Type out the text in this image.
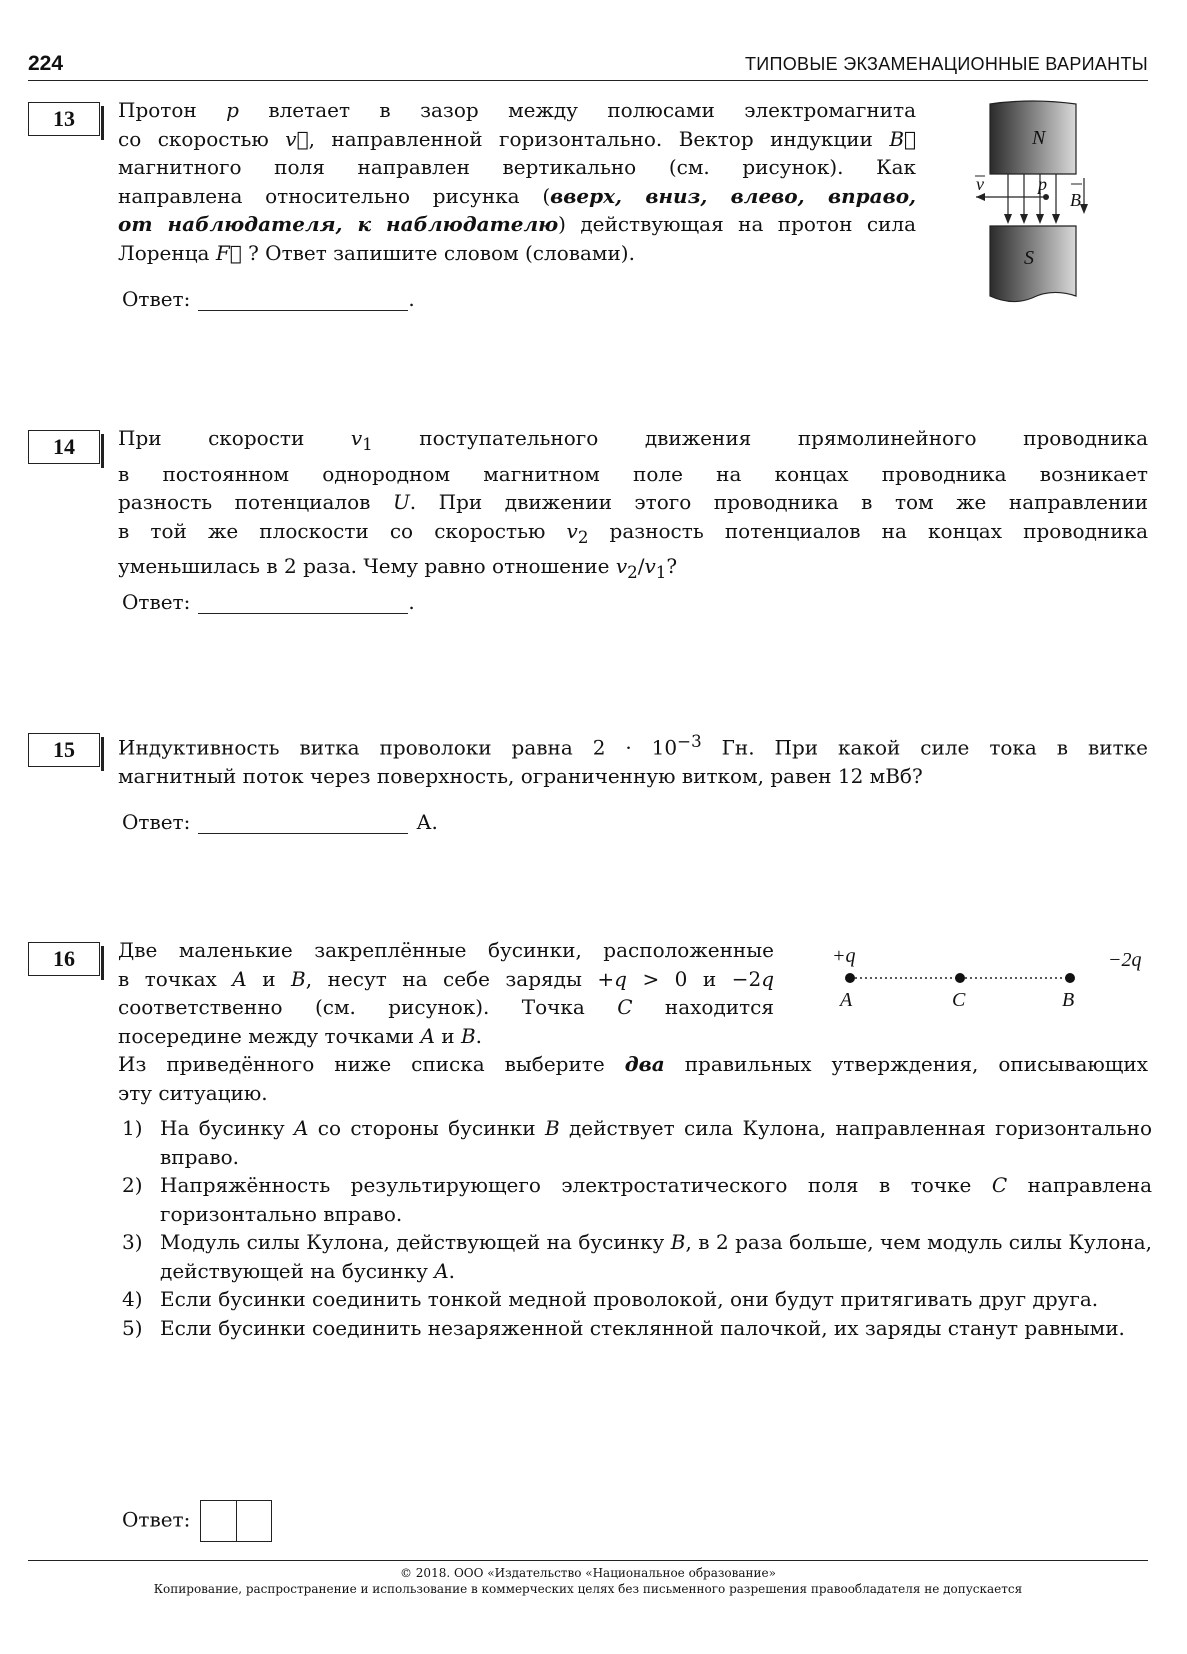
224	ТИПОВЫЕ ЭКЗАМЕНАЦИОННЫЕ ВАРИАНТЫ
13	Протон р влетает в зазор между полюсами электромагнита
со скоростью v⃗, направленной горизонтально. Вектор индукции B⃗
магнитного поля направлен вертикально (см. рисунок). Как
направлена относительно рисунка (вверх, вниз, влево, вправо,
от наблюдателя, к наблюдателю) действующая на протон сила
Лоренца F⃗ ? Ответ запишите словом (словами).
Ответ:	.
N
S
v	p
B
14	При скорости $v_1$ поступательного движения прямолинейного проводника
в постоянном однородном магнитном поле на концах проводника возникает
разность потенциалов U. При движении этого проводника в том же направлении
в той же плоскости со скоростью $v_2$ разность потенциалов на концах проводника
уменьшилась в 2 раза. Чему равно отношение $v_2/v_1$?
Ответ:	.
15	Индуктивность витка проволоки равна $2 \cdot 10^{-3}$ Гн. При какой силе тока в витке
магнитный поток через поверхность, ограниченную витком, равен 12 мВб?
Ответ:	А.
16	Две маленькие закреплённые бусинки, расположенные
в точках A и B, несут на себе заряды +q > 0 и −2q
соответственно (см. рисунок). Точка C находится
посередине между точками A и B.
+q	−2q
A	C	B
Из приведённого ниже списка выберите два правильных утверждения, описывающих
эту ситуацию.
1) На бусинку A со стороны бусинки B действует сила Кулона, направленная горизонтально вправо.
2) Напряжённость результирующего электростатического поля в точке C направлена горизонтально вправо.
3) Модуль силы Кулона, действующей на бусинку B, в 2 раза больше, чем модуль силы Кулона, действующей на бусинку A.
4) Если бусинки соединить тонкой медной проволокой, они будут притягивать друг друга.
5) Если бусинки соединить незаряженной стеклянной палочкой, их заряды станут равными.
Ответ:
© 2018. ООО «Издательство «Национальное образование»
Копирование, распространение и использование в коммерческих целях без письменного разрешения правообладателя не допускается
